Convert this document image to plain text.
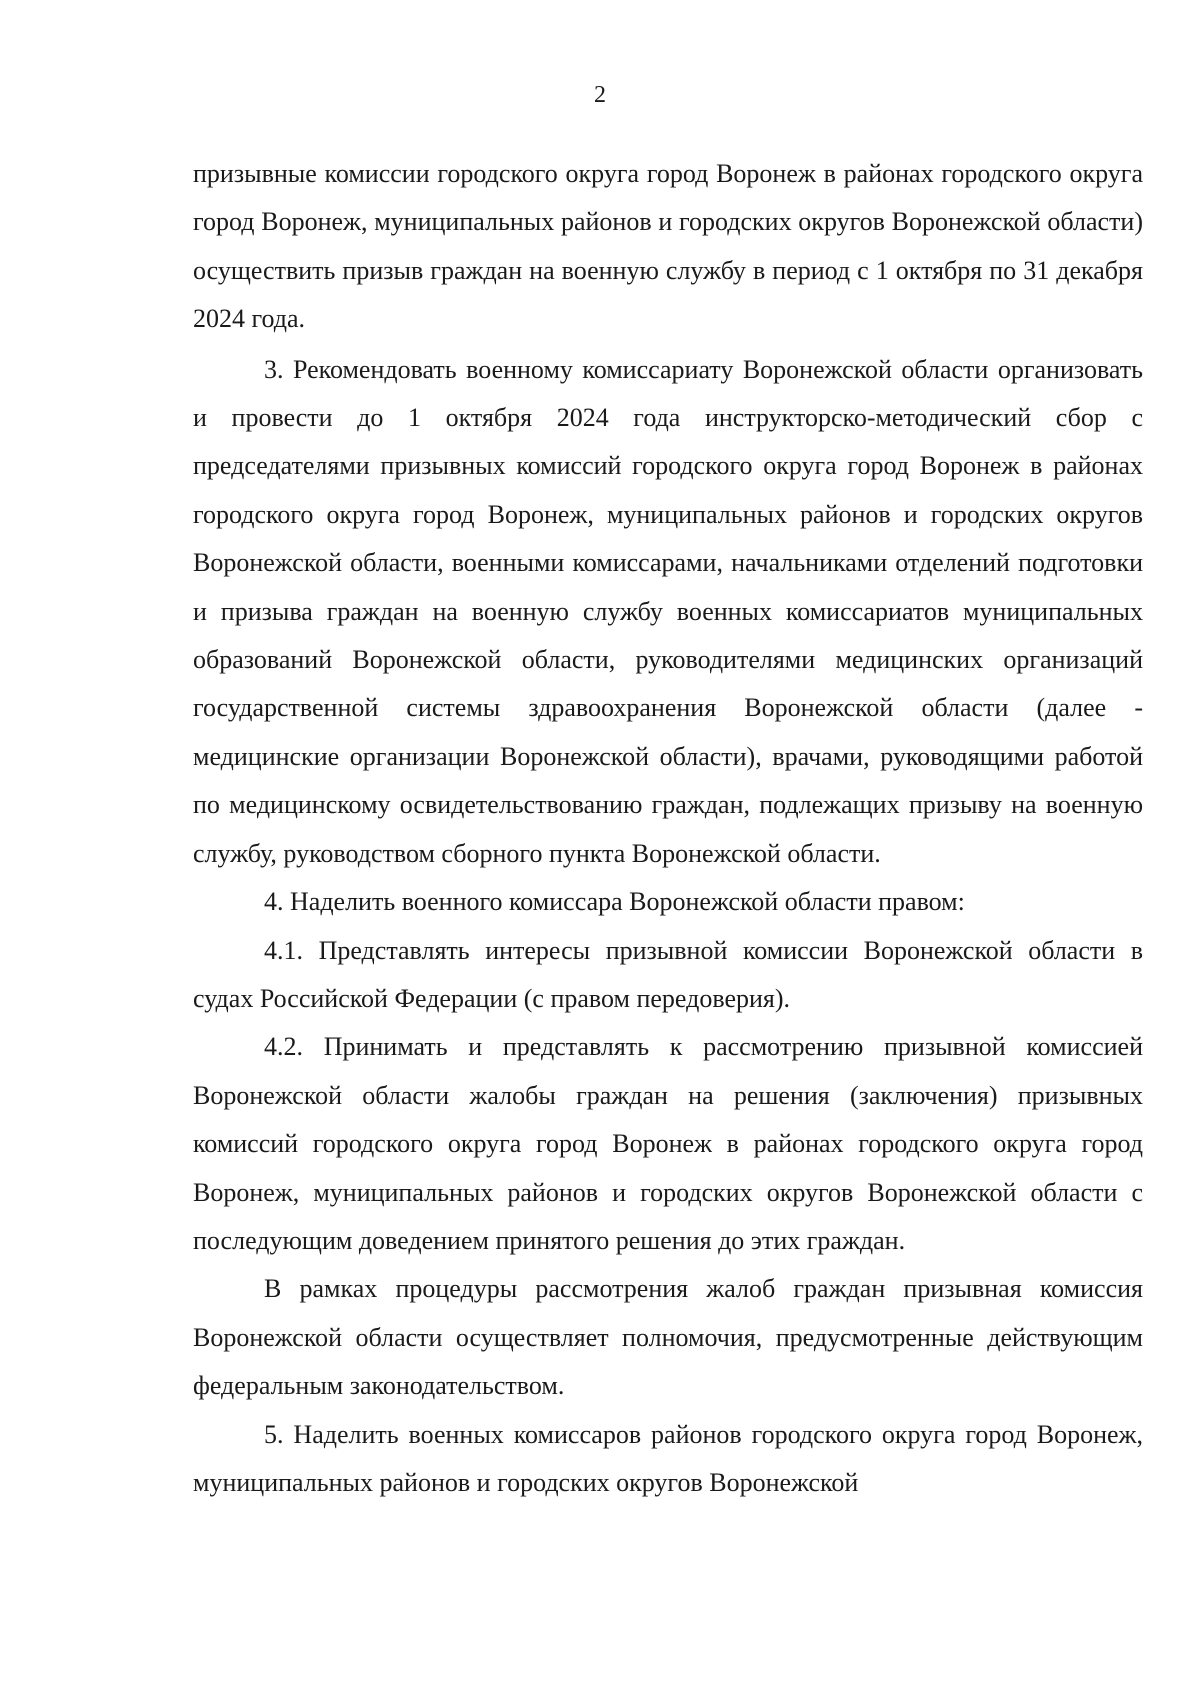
2

призывные комиссии городского округа город Воронеж в районах городского округа город Воронеж, муниципальных районов и городских округов Воронежской области) осуществить призыв граждан на военную службу в период с 1 октября по 31 декабря 2024 года.

3. Рекомендовать военному комиссариату Воронежской области организовать и провести до 1 октября 2024 года инструкторско-методический сбор с председателями призывных комиссий городского округа город Воронеж в районах городского округа город Воронеж, муниципальных районов и городских округов Воронежской области, военными комиссарами, начальниками отделений подготовки и призыва граждан на военную службу военных комиссариатов муниципальных образований Воронежской области, руководителями медицинских организаций государственной системы здравоохранения Воронежской области (далее - медицинские организации Воронежской области), врачами, руководящими работой по медицинскому освидетельствованию граждан, подлежащих призыву на военную службу, руководством сборного пункта Воронежской области.

4. Наделить военного комиссара Воронежской области правом:

4.1. Представлять интересы призывной комиссии Воронежской области в судах Российской Федерации (с правом передоверия).

4.2. Принимать и представлять к рассмотрению призывной комиссией Воронежской области жалобы граждан на решения (заключения) призывных комиссий городского округа город Воронеж в районах городского округа город Воронеж, муниципальных районов и городских округов Воронежской области с последующим доведением принятого решения до этих граждан.

В рамках процедуры рассмотрения жалоб граждан призывная комиссия Воронежской области осуществляет полномочия, предусмотренные действующим федеральным законодательством.

5. Наделить военных комиссаров районов городского округа город Воронеж, муниципальных районов и городских округов Воронежской
